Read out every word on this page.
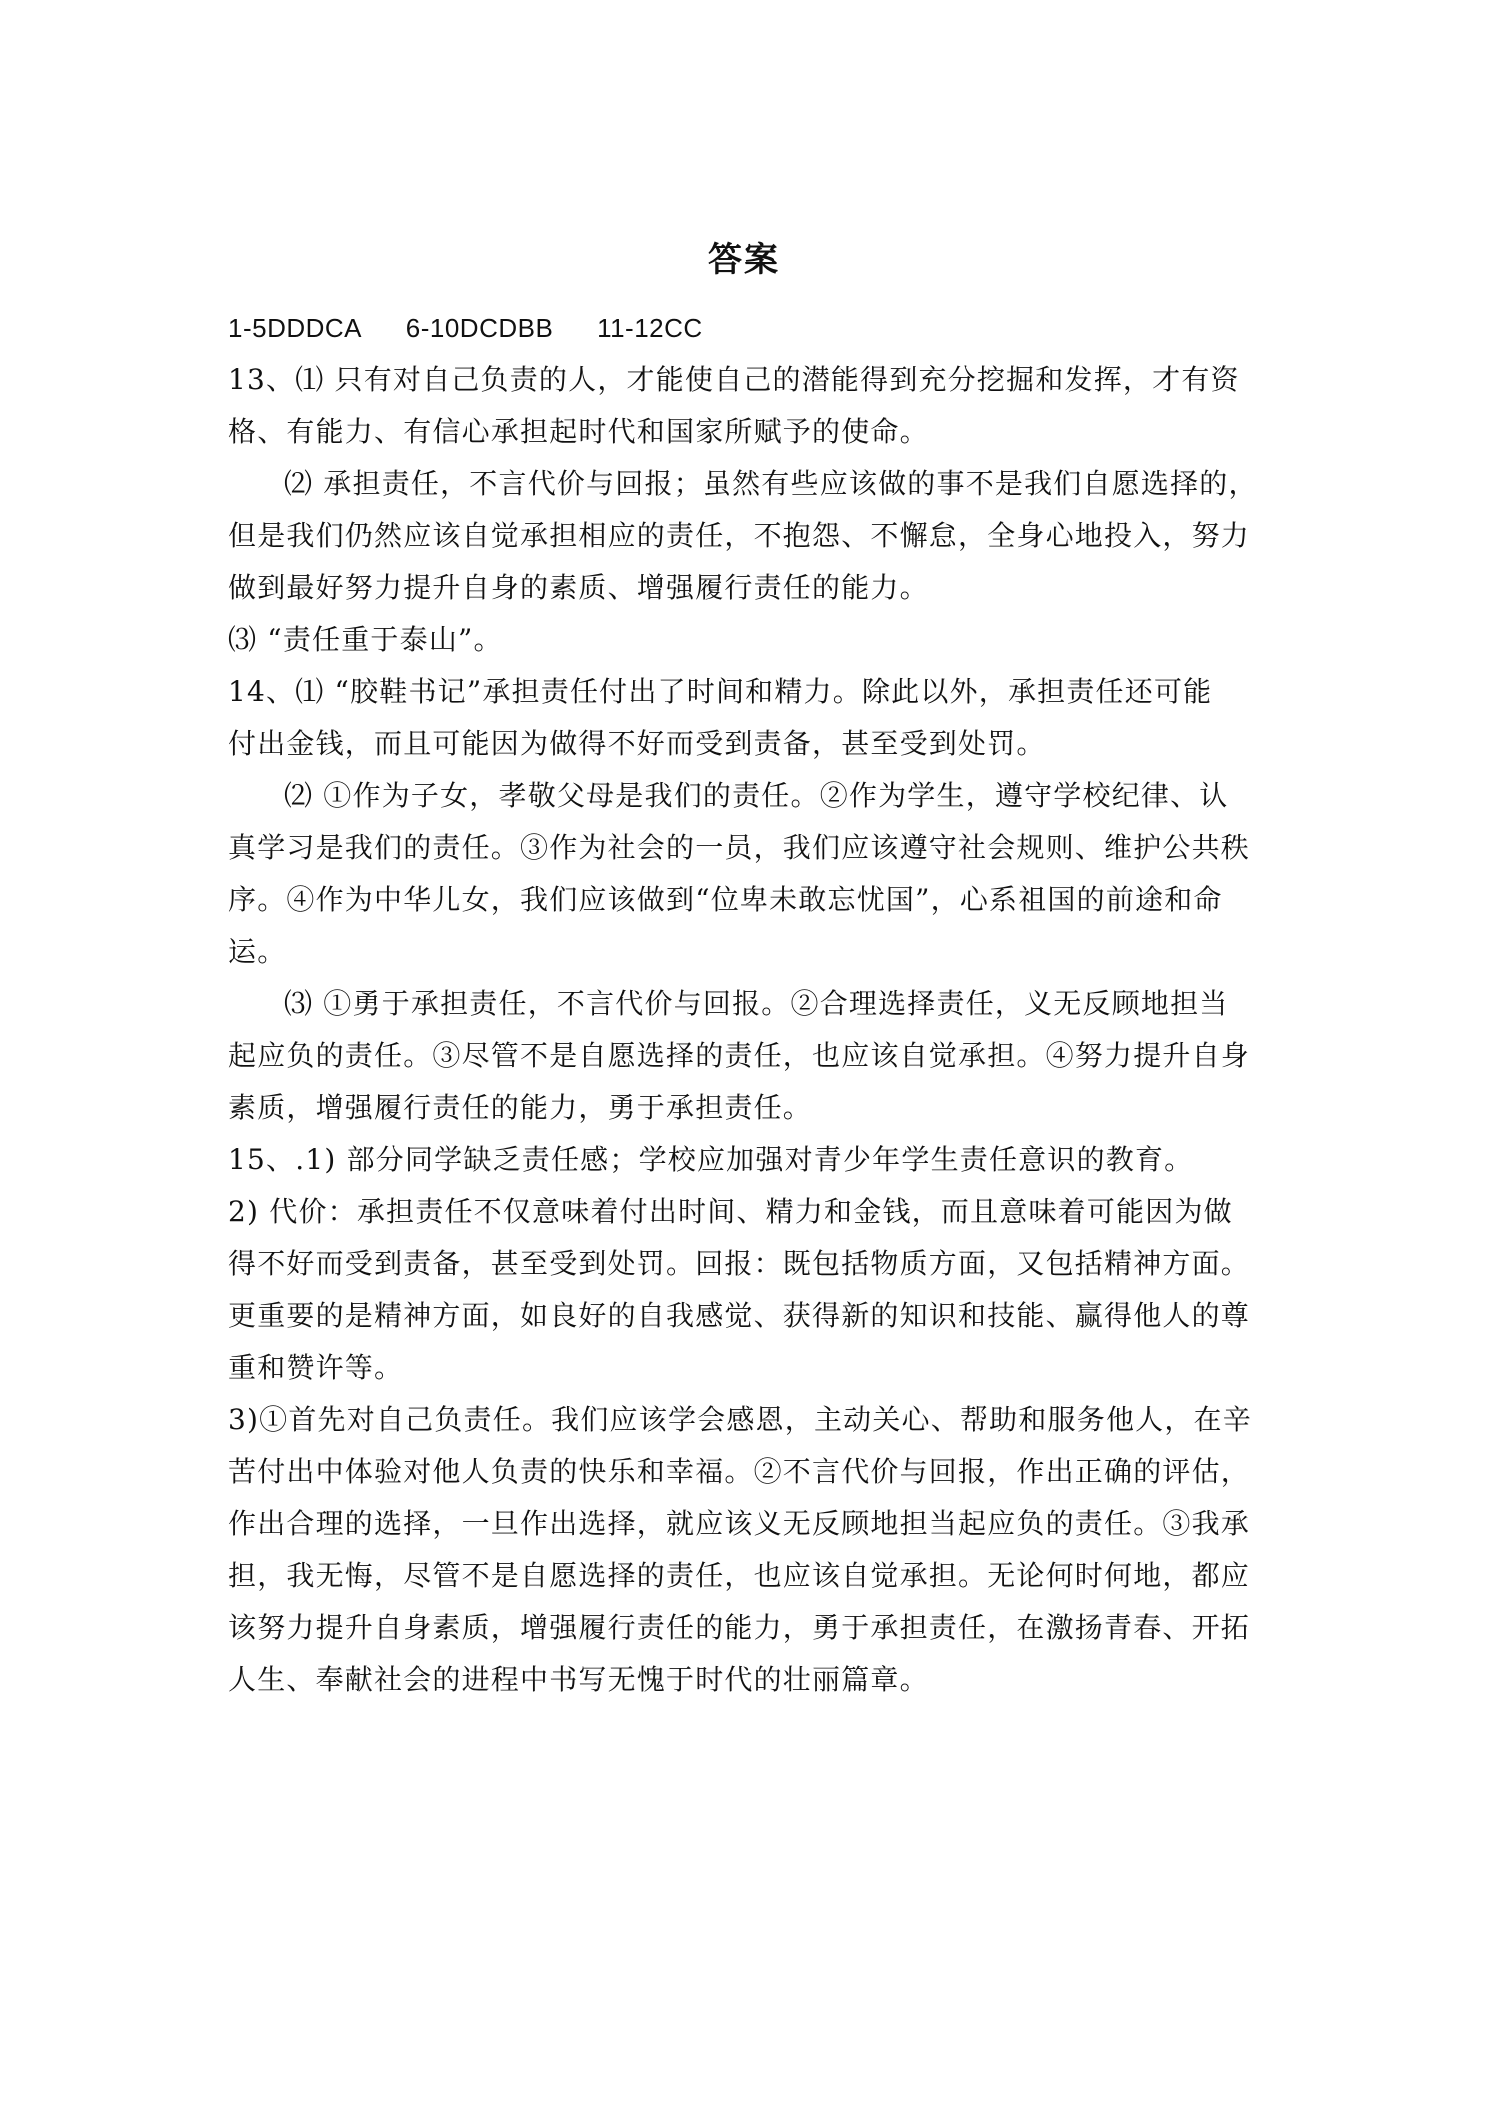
答案
1-5DDDCA 6-10DCDBB 11-12CC
13、⑴ 只有对自己负责的人，才能使自己的潜能得到充分挖掘和发挥，才有资
格、有能力、有信心承担起时代和国家所赋予的使命。
⑵ 承担责任，不言代价与回报；虽然有些应该做的事不是我们自愿选择的，
但是我们仍然应该自觉承担相应的责任，不抱怨、不懈怠，全身心地投入，努力
做到最好努力提升自身的素质、增强履行责任的能力。
⑶ “责任重于泰山”。
14、⑴ “胶鞋书记”承担责任付出了时间和精力。除此以外，承担责任还可能
付出金钱，而且可能因为做得不好而受到责备，甚至受到处罚。
⑵ ①作为子女，孝敬父母是我们的责任。②作为学生，遵守学校纪律、认
真学习是我们的责任。③作为社会的一员，我们应该遵守社会规则、维护公共秩
序。④作为中华儿女，我们应该做到“位卑未敢忘忧国”，心系祖国的前途和命
运。
⑶ ①勇于承担责任，不言代价与回报。②合理选择责任，义无反顾地担当
起应负的责任。③尽管不是自愿选择的责任，也应该自觉承担。④努力提升自身
素质，增强履行责任的能力，勇于承担责任。
15、.1) 部分同学缺乏责任感；学校应加强对青少年学生责任意识的教育。
2) 代价：承担责任不仅意味着付出时间、精力和金钱，而且意味着可能因为做
得不好而受到责备，甚至受到处罚。回报：既包括物质方面，又包括精神方面。
更重要的是精神方面，如良好的自我感觉、获得新的知识和技能、赢得他人的尊
重和赞许等。
3)①首先对自己负责任。我们应该学会感恩，主动关心、帮助和服务他人，在辛
苦付出中体验对他人负责的快乐和幸福。②不言代价与回报，作出正确的评估，
作出合理的选择，一旦作出选择，就应该义无反顾地担当起应负的责任。③我承
担，我无悔，尽管不是自愿选择的责任，也应该自觉承担。无论何时何地，都应
该努力提升自身素质，增强履行责任的能力，勇于承担责任，在激扬青春、开拓
人生、奉献社会的进程中书写无愧于时代的壮丽篇章。
